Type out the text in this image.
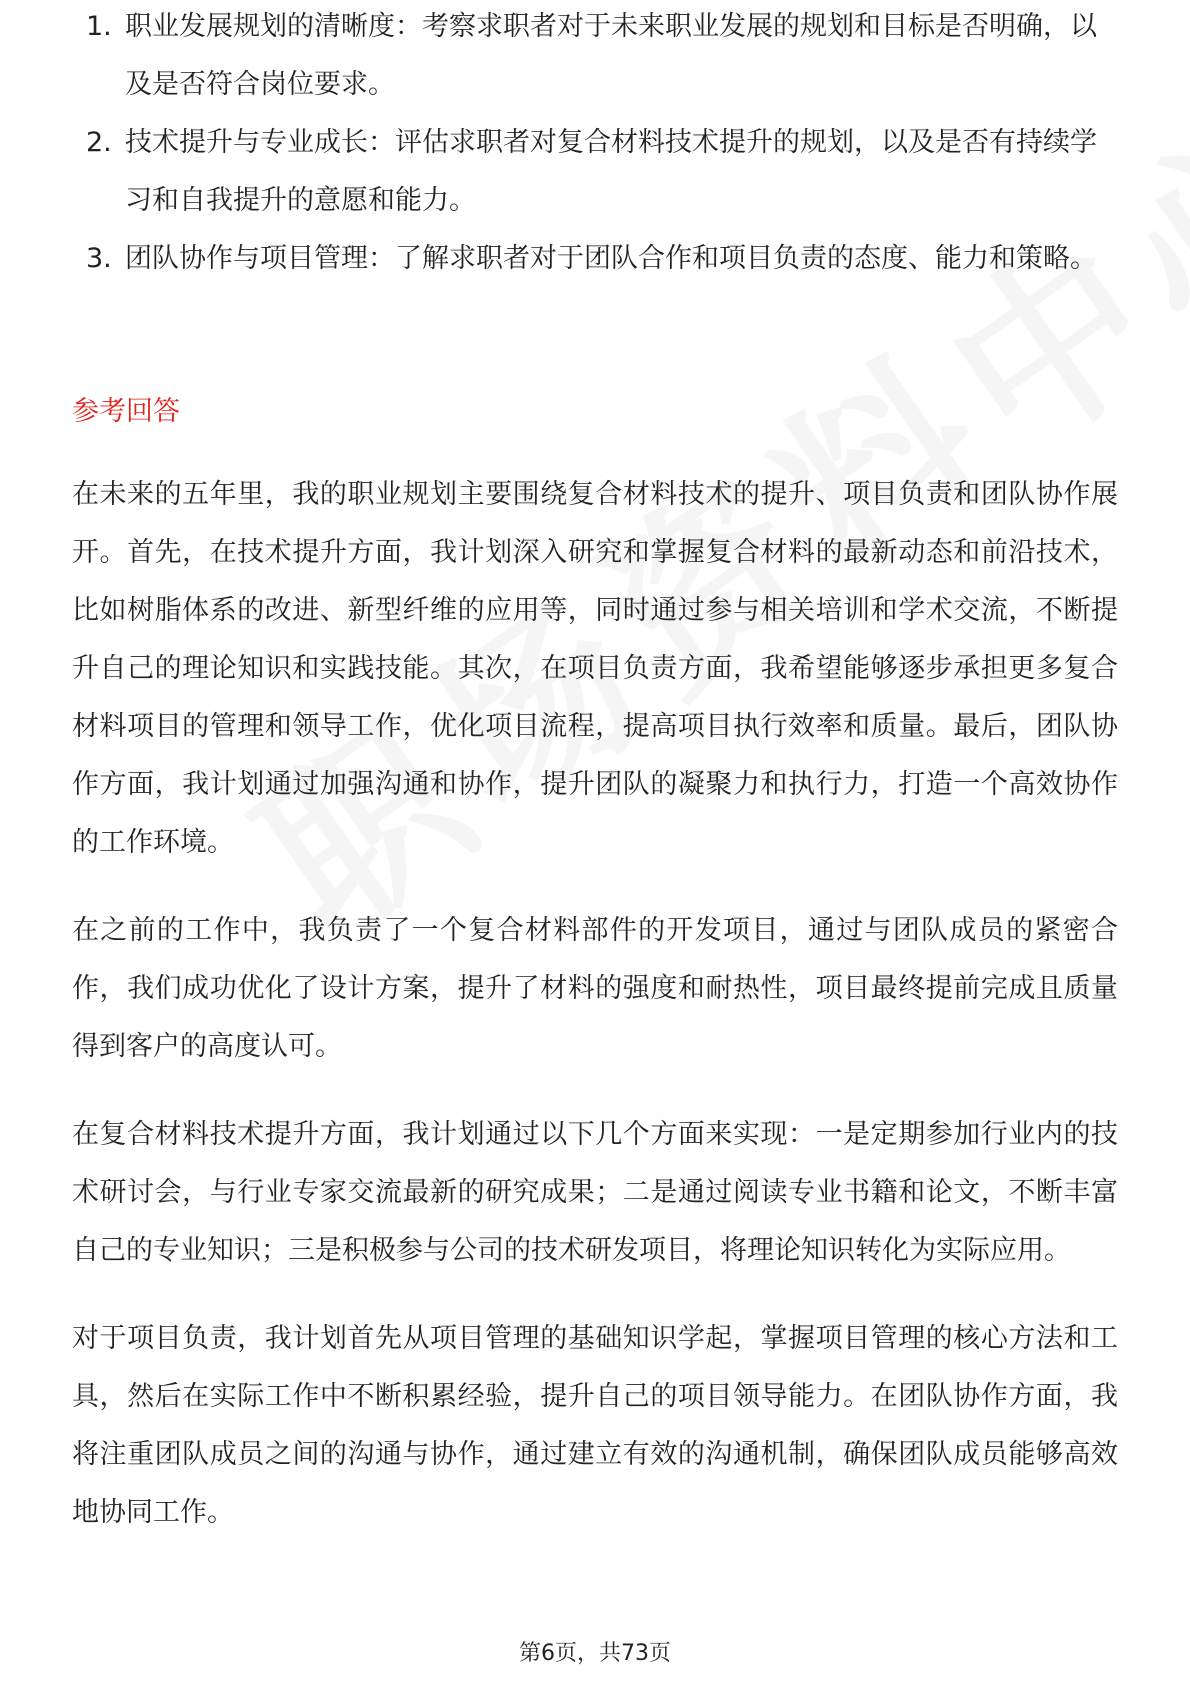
1. 职业发展规划的清晰度：考察求职者对于未来职业发展的规划和目标是否明确，以及是否符合岗位要求。
2. 技术提升与专业成长：评估求职者对复合材料技术提升的规划，以及是否有持续学习和自我提升的意愿和能力。
3. 团队协作与项目管理：了解求职者对于团队合作和项目负责的态度、能力和策略。
参考回答

在未来的五年里，我的职业规划主要围绕复合材料技术的提升、项目负责和团队协作展开。首先，在技术提升方面，我计划深入研究和掌握复合材料的最新动态和前沿技术，比如树脂体系的改进、新型纤维的应用等，同时通过参与相关培训和学术交流，不断提升自己的理论知识和实践技能。其次，在项目负责方面，我希望能够逐步承担更多复合材料项目的管理和领导工作，优化项目流程，提高项目执行效率和质量。最后，团队协作方面，我计划通过加强沟通和协作，提升团队的凝聚力和执行力，打造一个高效协作的工作环境。

在之前的工作中，我负责了一个复合材料部件的开发项目，通过与团队成员的紧密合作，我们成功优化了设计方案，提升了材料的强度和耐热性，项目最终提前完成且质量得到客户的高度认可。

在复合材料技术提升方面，我计划通过以下几个方面来实现：一是定期参加行业内的技术研讨会，与行业专家交流最新的研究成果；二是通过阅读专业书籍和论文，不断丰富自己的专业知识；三是积极参与公司的技术研发项目，将理论知识转化为实际应用。

对于项目负责，我计划首先从项目管理的基础知识学起，掌握项目管理的核心方法和工具，然后在实际工作中不断积累经验，提升自己的项目领导能力。在团队协作方面，我将注重团队成员之间的沟通与协作，通过建立有效的沟通机制，确保团队成员能够高效地协同工作。

第6页，共73页
